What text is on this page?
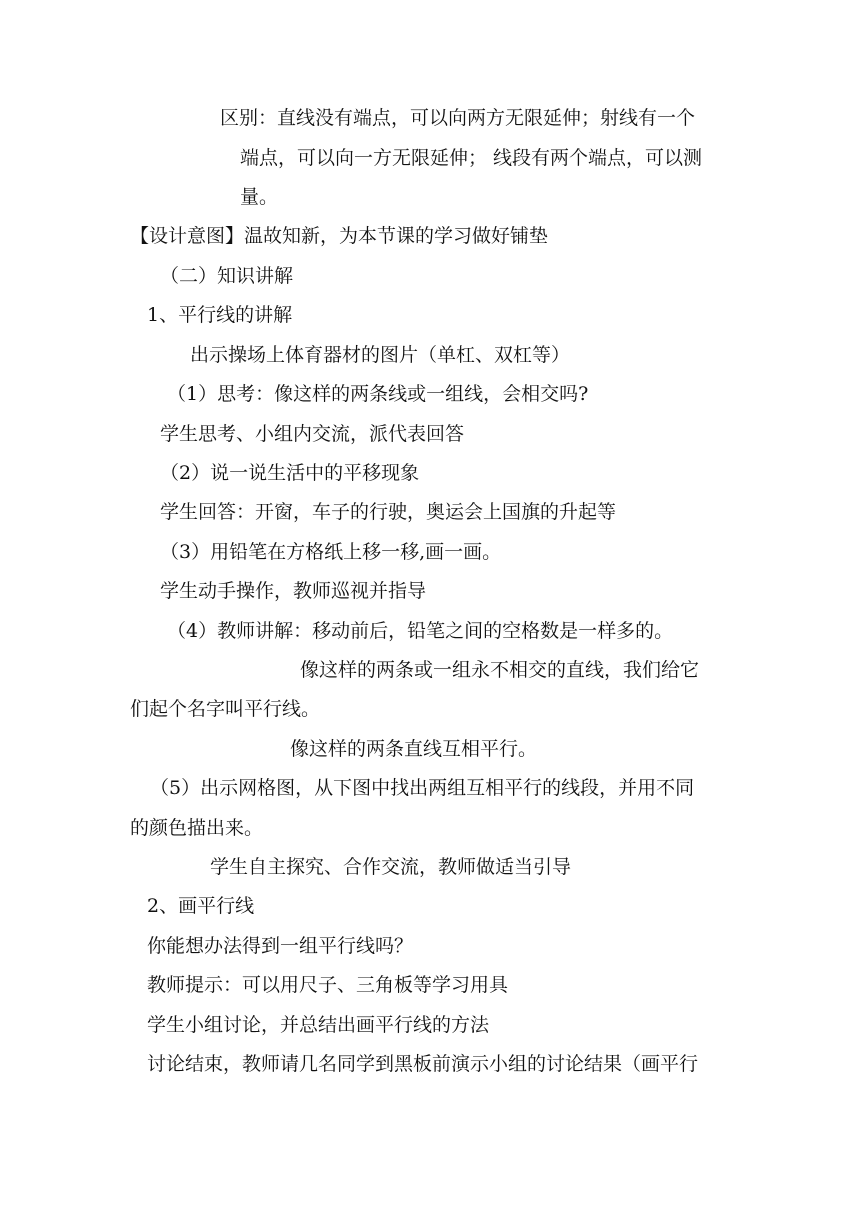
区别：直线没有端点，可以向两方无限延伸；射线有一个
端点，可以向一方无限延伸； 线段有两个端点，可以测
量。
【设计意图】温故知新，为本节课的学习做好铺垫
（二）知识讲解
1、平行线的讲解
出示操场上体育器材的图片（单杠、双杠等）
（1）思考：像这样的两条线或一组线，会相交吗?
学生思考、小组内交流，派代表回答
（2）说一说生活中的平移现象
学生回答：开窗，车子的行驶，奥运会上国旗的升起等
（3）用铅笔在方格纸上移一移,画一画。
学生动手操作，教师巡视并指导
（4）教师讲解：移动前后，铅笔之间的空格数是一样多的。
像这样的两条或一组永不相交的直线，我们给它
们起个名字叫平行线。
像这样的两条直线互相平行。
（5）出示网格图，从下图中找出两组互相平行的线段，并用不同
的颜色描出来。
学生自主探究、合作交流，教师做适当引导
2、画平行线
你能想办法得到一组平行线吗？
教师提示：可以用尺子、三角板等学习用具
学生小组讨论，并总结出画平行线的方法
讨论结束，教师请几名同学到黑板前演示小组的讨论结果（画平行
